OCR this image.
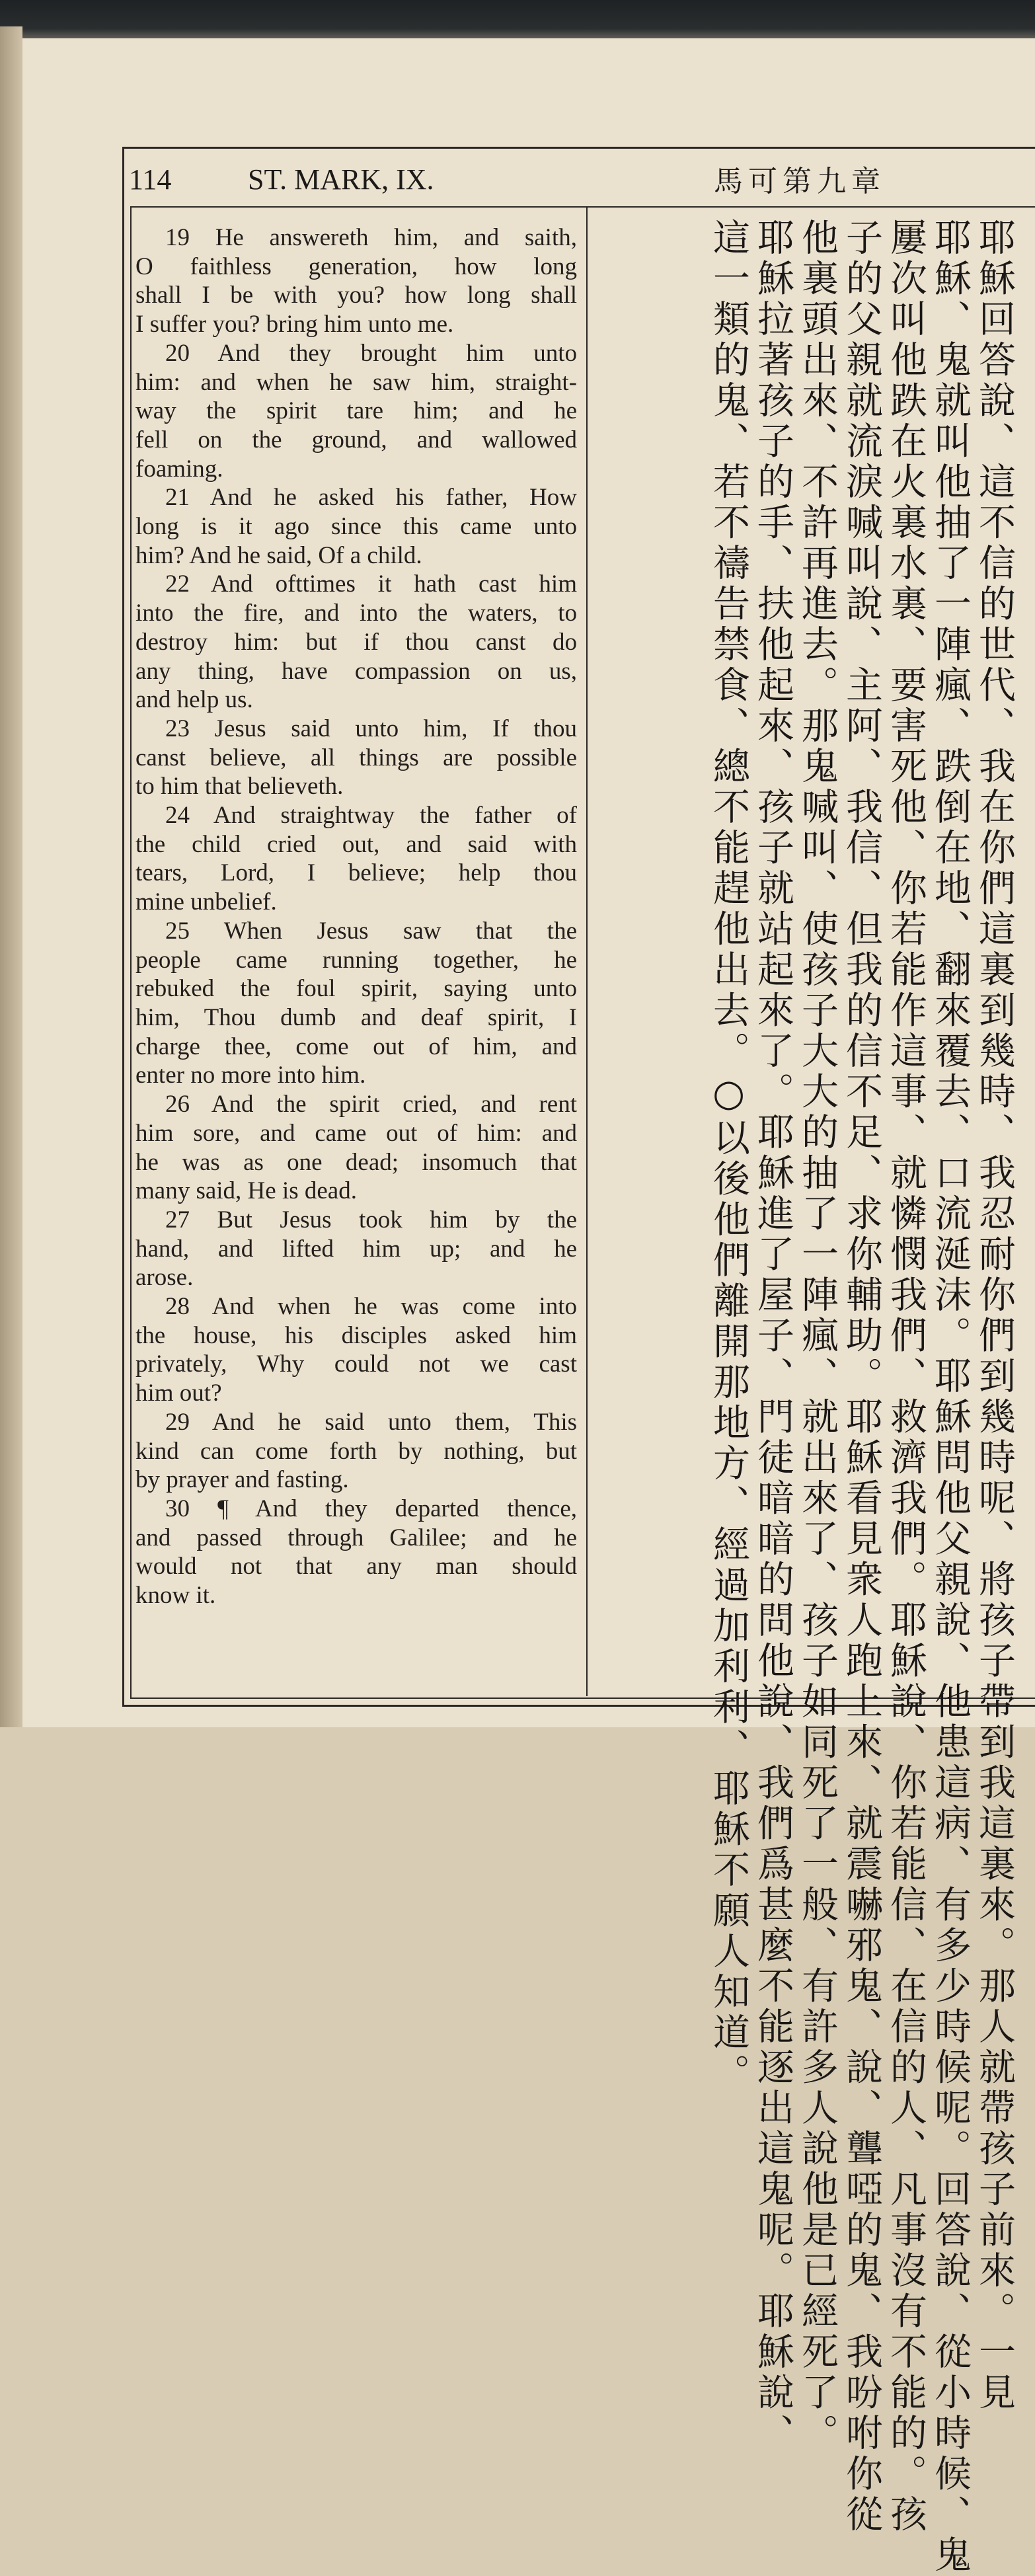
114	ST. MARK, IX.	馬可第九章
19 He answereth him, and saith,
O faithless generation, how long
shall I be with you? how long shall
I suffer you? bring him unto me.
20 And they brought him unto
him: and when he saw him, straight-
way the spirit tare him; and he
fell on the ground, and wallowed
foaming.
21 And he asked his father, How
long is it ago since this came unto
him? And he said, Of a child.
22 And ofttimes it hath cast him
into the fire, and into the waters, to
destroy him: but if thou canst do
any thing, have compassion on us,
and help us.
23 Jesus said unto him, If thou
canst believe, all things are possible
to him that believeth.
24 And straightway the father of
the child cried out, and said with
tears, Lord, I believe; help thou
mine unbelief.
25 When Jesus saw that the
people came running together, he
rebuked the foul spirit, saying unto
him, Thou dumb and deaf spirit, I
charge thee, come out of him, and
enter no more into him.
26 And the spirit cried, and rent
him sore, and came out of him: and
he was as one dead; insomuch that
many said, He is dead.
27 But Jesus took him by the
hand, and lifted him up; and he
arose.
28 And when he was come into
the house, his disciples asked him
privately, Why could not we cast
him out?
29 And he said unto them, This
kind can come forth by nothing, but
by prayer and fasting.
30 ¶ And they departed thence,
and passed through Galilee; and he
would not that any man should
know it.	耶穌回答說、這不信的世代、我在你們這裏到幾時、我忍耐你們到幾時呢、將孩子帶到我這裏來。那人就帶孩子前來。一見
耶穌、鬼就叫他抽了一陣瘋、跌倒在地、翻來覆去、口流涎沫。耶穌問他父親說、他患這病、有多少時候呢。回答說、從小時候、鬼
屢次叫他跌在火裏水裏、要害死他、你若能作這事、就憐憫我們、救濟我們。耶穌說、你若能信、在信的人、凡事沒有不能的。孩
子的父親就流淚喊叫說、主阿、我信、但我的信不足、求你輔助。耶穌看見衆人跑上來、就震嚇邪鬼、說、聾啞的鬼、我吩咐你從
他裏頭出來、不許再進去。那鬼喊叫、使孩子大大的抽了一陣瘋、就出來了、孩子如同死了一般、有許多人說他是已經死了。
耶穌拉著孩子的手、扶他起來、孩子就站起來了。耶穌進了屋子、門徒暗暗的問他說、我們爲甚麼不能逐出這鬼呢。耶穌說、
這一類的鬼、若不禱告禁食、總不能趕他出去。○以後他們離開那地方、經過加利利、耶穌不願人知道。
